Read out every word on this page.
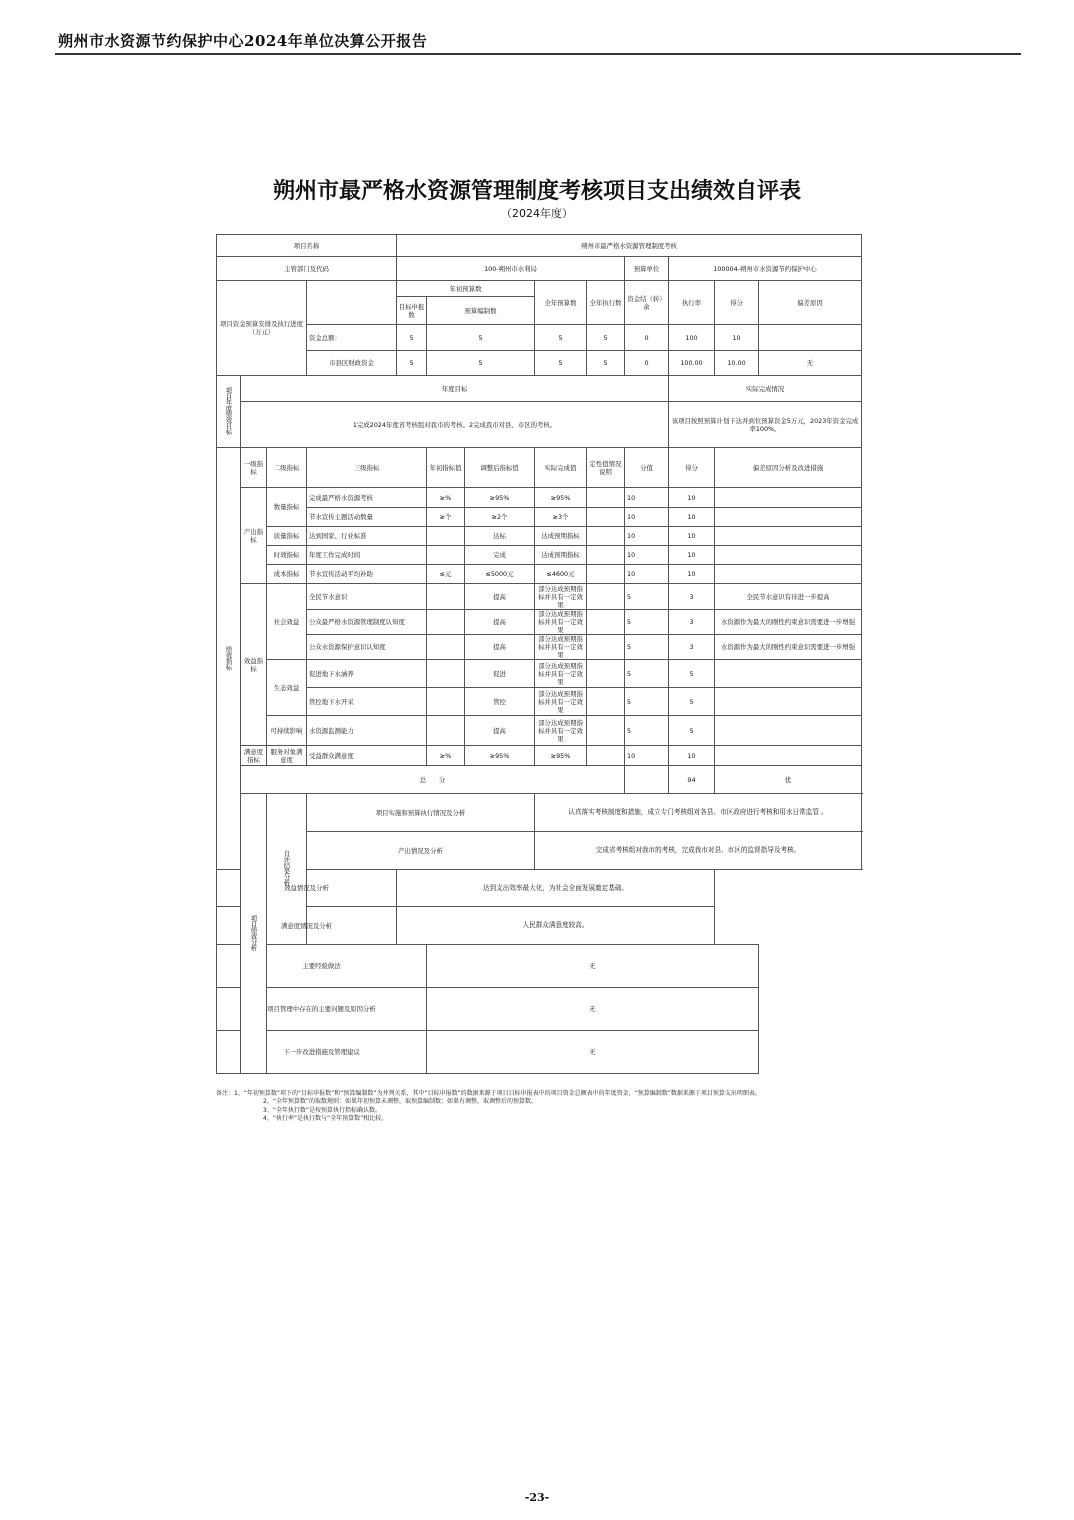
朔州市水资源节约保护中心2024年单位决算公开报告
朔州市最严格水资源管理制度考核项目支出绩效自评表
（2024年度）
项目名称				朔州市最严格水资源管理制度考核								
主管部门及代码				100-朔州市水利局					预算单位	100004-朔州市水资源节约保护中心		
项目资金预算安排及执行进度（万元）				年初预算数			全年预算数	全年执行数	资金结（转）余	执行率	得分	偏差原因
				目标申报数	预算编制数							

			资金总额：	5	5		5	5	0	100	10	
			市县区财政资金	5	5		5	5	0	100.00	10.00	无
项目年度绩效目标	年度目标									实际完成情况		
	1完成2024年度省考核组对我市的考核。2完成我市对县、市区的考核。									该项目按照预算计划下达并到位预算资金5万元，2023年资金完成率100%。		
绩效指标	一级指标	二级指标	三级指标		年初指标值	调整后指标值	实际完成值	定性值情况说明	分值	得分	偏差原因分析及改进措施	
	产出指标	数量指标	完成最严格水资源考核		≥%	≥95%	≥95%		10	10		
			节水宣传主题活动数量		≥个	≥2个	≥3个		10	10		
		质量指标	达到国家、行业标准			达标	达成预期指标		10	10		
		时效指标	年度工作完成时间			完成	达成预期指标		10	10		
		成本指标	节水宣传活动平均补助		≤元	≤5000元	≤4600元		10	10		
	效益指标	社会效益	全民节水意识			提高	部分达成预期指标并具有一定效果		5	3	全民节水意识有待进一步提高	
			公众最严格水资源管理制度认知度			提高	部分达成预期指标并具有一定效果		5	3	水资源作为最大的刚性约束意识需要进一步增强	
			公众水资源保护意识认知度			提高	部分达成预期指标并具有一定效果		5	3	水资源作为最大的刚性约束意识需要进一步增强	
		生态效益	促进地下水涵养			促进	部分达成预期指标并具有一定效果		5	5		
			管控地下水开采			管控	部分达成预期指标并具有一定效果		5	5		
		可持续影响	水资源监测能力			提高	部分达成预期指标并具有一定效果		5	5		
	满意度指标	服务对象满意度	受益群众满意度		≥%	≥95%	≥95%		10	10		
	总　　分									94	优	
	项目绩效分析	自评结果分析	项目实施和预算执行情况及分析				认真落实考核制度和措施，成立专门考核组对各县、市区政府进行考核和用水日常监管 。					
			产出情况及分析				完成省考核组对我市的考核，完成我市对县、市区的监督指导及考核。					
效益情况及分析				达到支出效率最大化，为社会全面发展奠定基础。								
满意度情况及分析				人民群众满意度较高。								
主要经验做法					无							
项目管理中存在的主要问题及原因分析					无							
下一步改进措施及管理建议					无							
备注：1、“年初预算数”项下的“目标申报数”和“预算编制数”为并列关系，其中“目标申报数”的数据来源于项目目标申报表中的项目资金总额表中的年度资金，“预算编制数”数据来源于项目预算支出明细表。
2、“全年预算数”的取数规则：如果年初预算未调整，取预算编制数；如果有调整，取调整后的预算数。
3、“全年执行数”是按预算执行指标确认数。
4、“执行率”是执行数与“全年预算数”相比较。
-23-
